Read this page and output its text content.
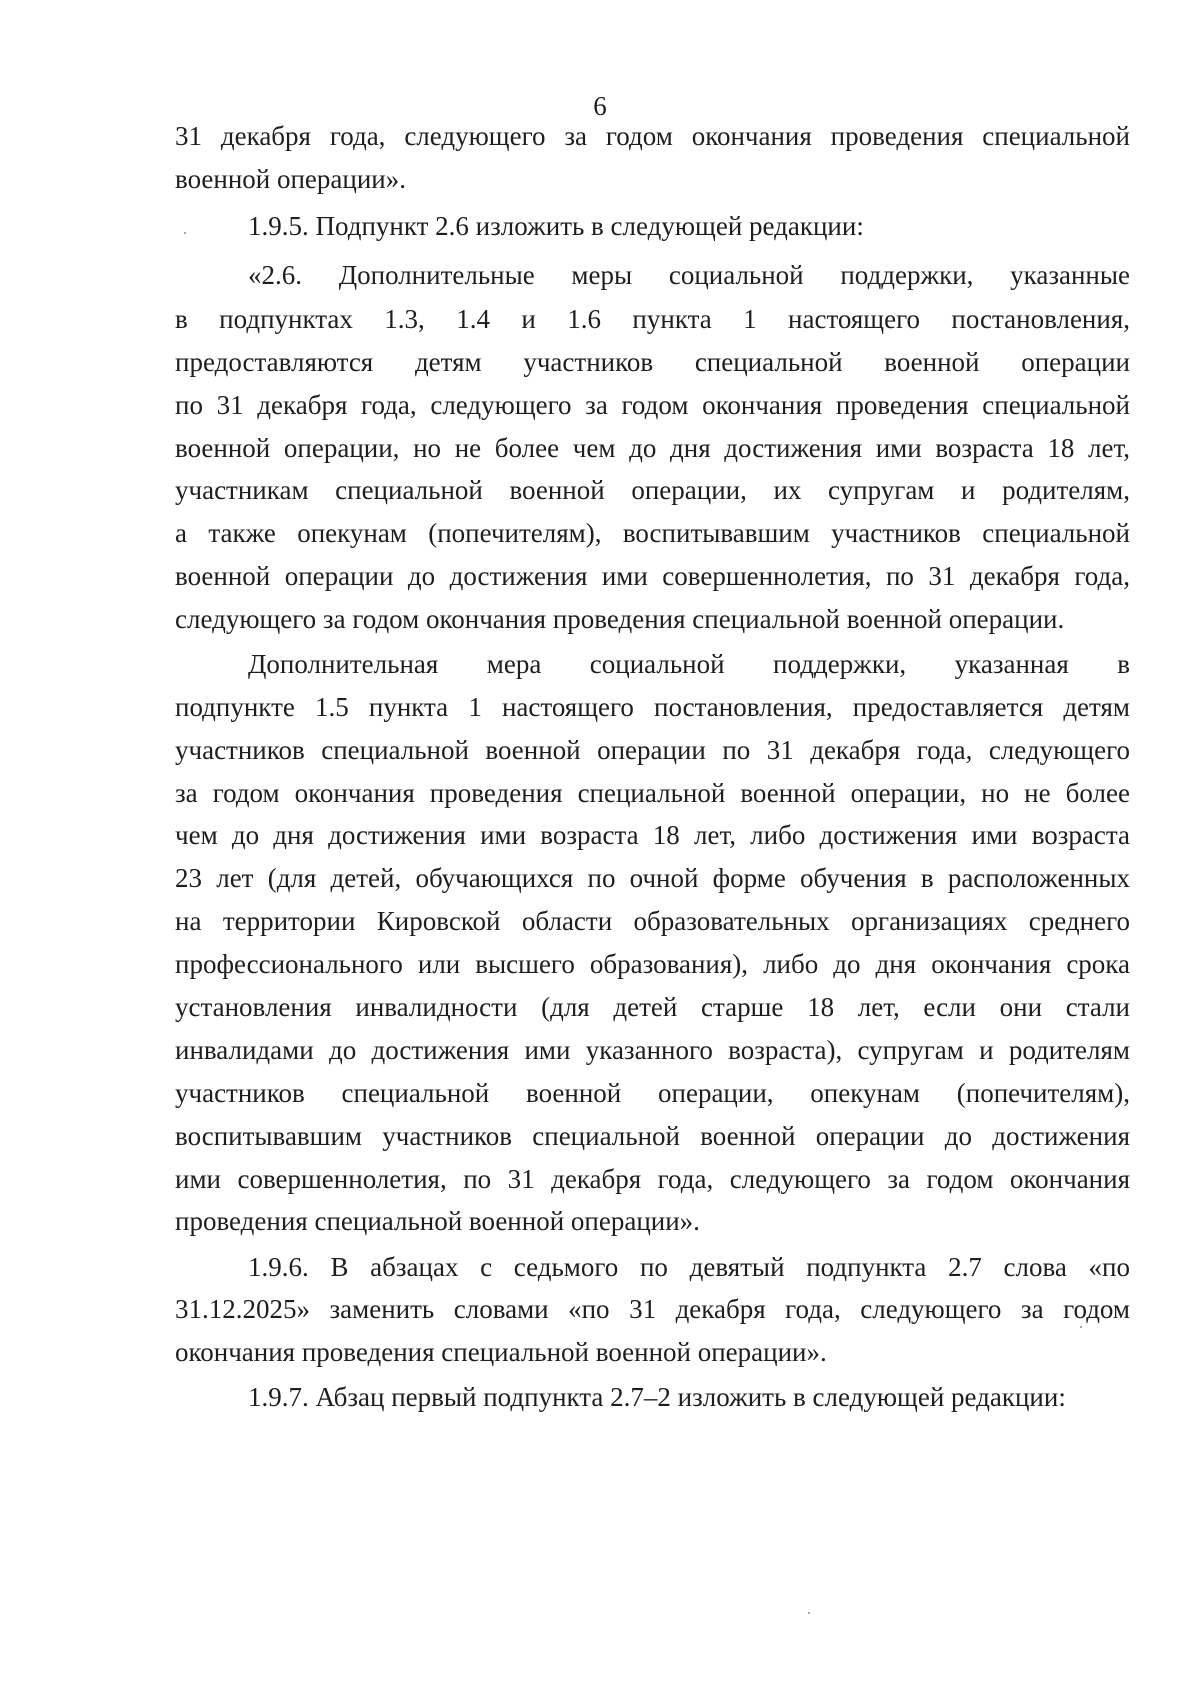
6
31 декабря года, следующего за годом окончания проведения специальной
военной операции».
1.9.5. Подпункт 2.6 изложить в следующей редакции:
«2.6. Дополнительные меры социальной поддержки, указанные
в подпунктах 1.3, 1.4 и 1.6 пункта 1 настоящего постановления,
предоставляются детям участников специальной военной операции
по 31 декабря года, следующего за годом окончания проведения специальной
военной операции, но не более чем до дня достижения ими возраста 18 лет,
участникам специальной военной операции, их супругам и родителям,
а также опекунам (попечителям), воспитывавшим участников специальной
военной операции до достижения ими совершеннолетия, по 31 декабря года,
следующего за годом окончания проведения специальной военной операции.
Дополнительная мера социальной поддержки, указанная в
подпункте 1.5 пункта 1 настоящего постановления, предоставляется детям
участников специальной военной операции по 31 декабря года, следующего
за годом окончания проведения специальной военной операции, но не более
чем до дня достижения ими возраста 18 лет, либо достижения ими возраста
23 лет (для детей, обучающихся по очной форме обучения в расположенных
на территории Кировской области образовательных организациях среднего
профессионального или высшего образования), либо до дня окончания срока
установления инвалидности (для детей старше 18 лет, если они стали
инвалидами до достижения ими указанного возраста), супругам и родителям
участников специальной военной операции, опекунам (попечителям),
воспитывавшим участников специальной военной операции до достижения
ими совершеннолетия, по 31 декабря года, следующего за годом окончания
проведения специальной военной операции».
1.9.6. В абзацах с седьмого по девятый подпункта 2.7 слова «по
31.12.2025» заменить словами «по 31 декабря года, следующего за годом
окончания проведения специальной военной операции».
1.9.7. Абзац первый подпункта 2.7–2 изложить в следующей редакции:
